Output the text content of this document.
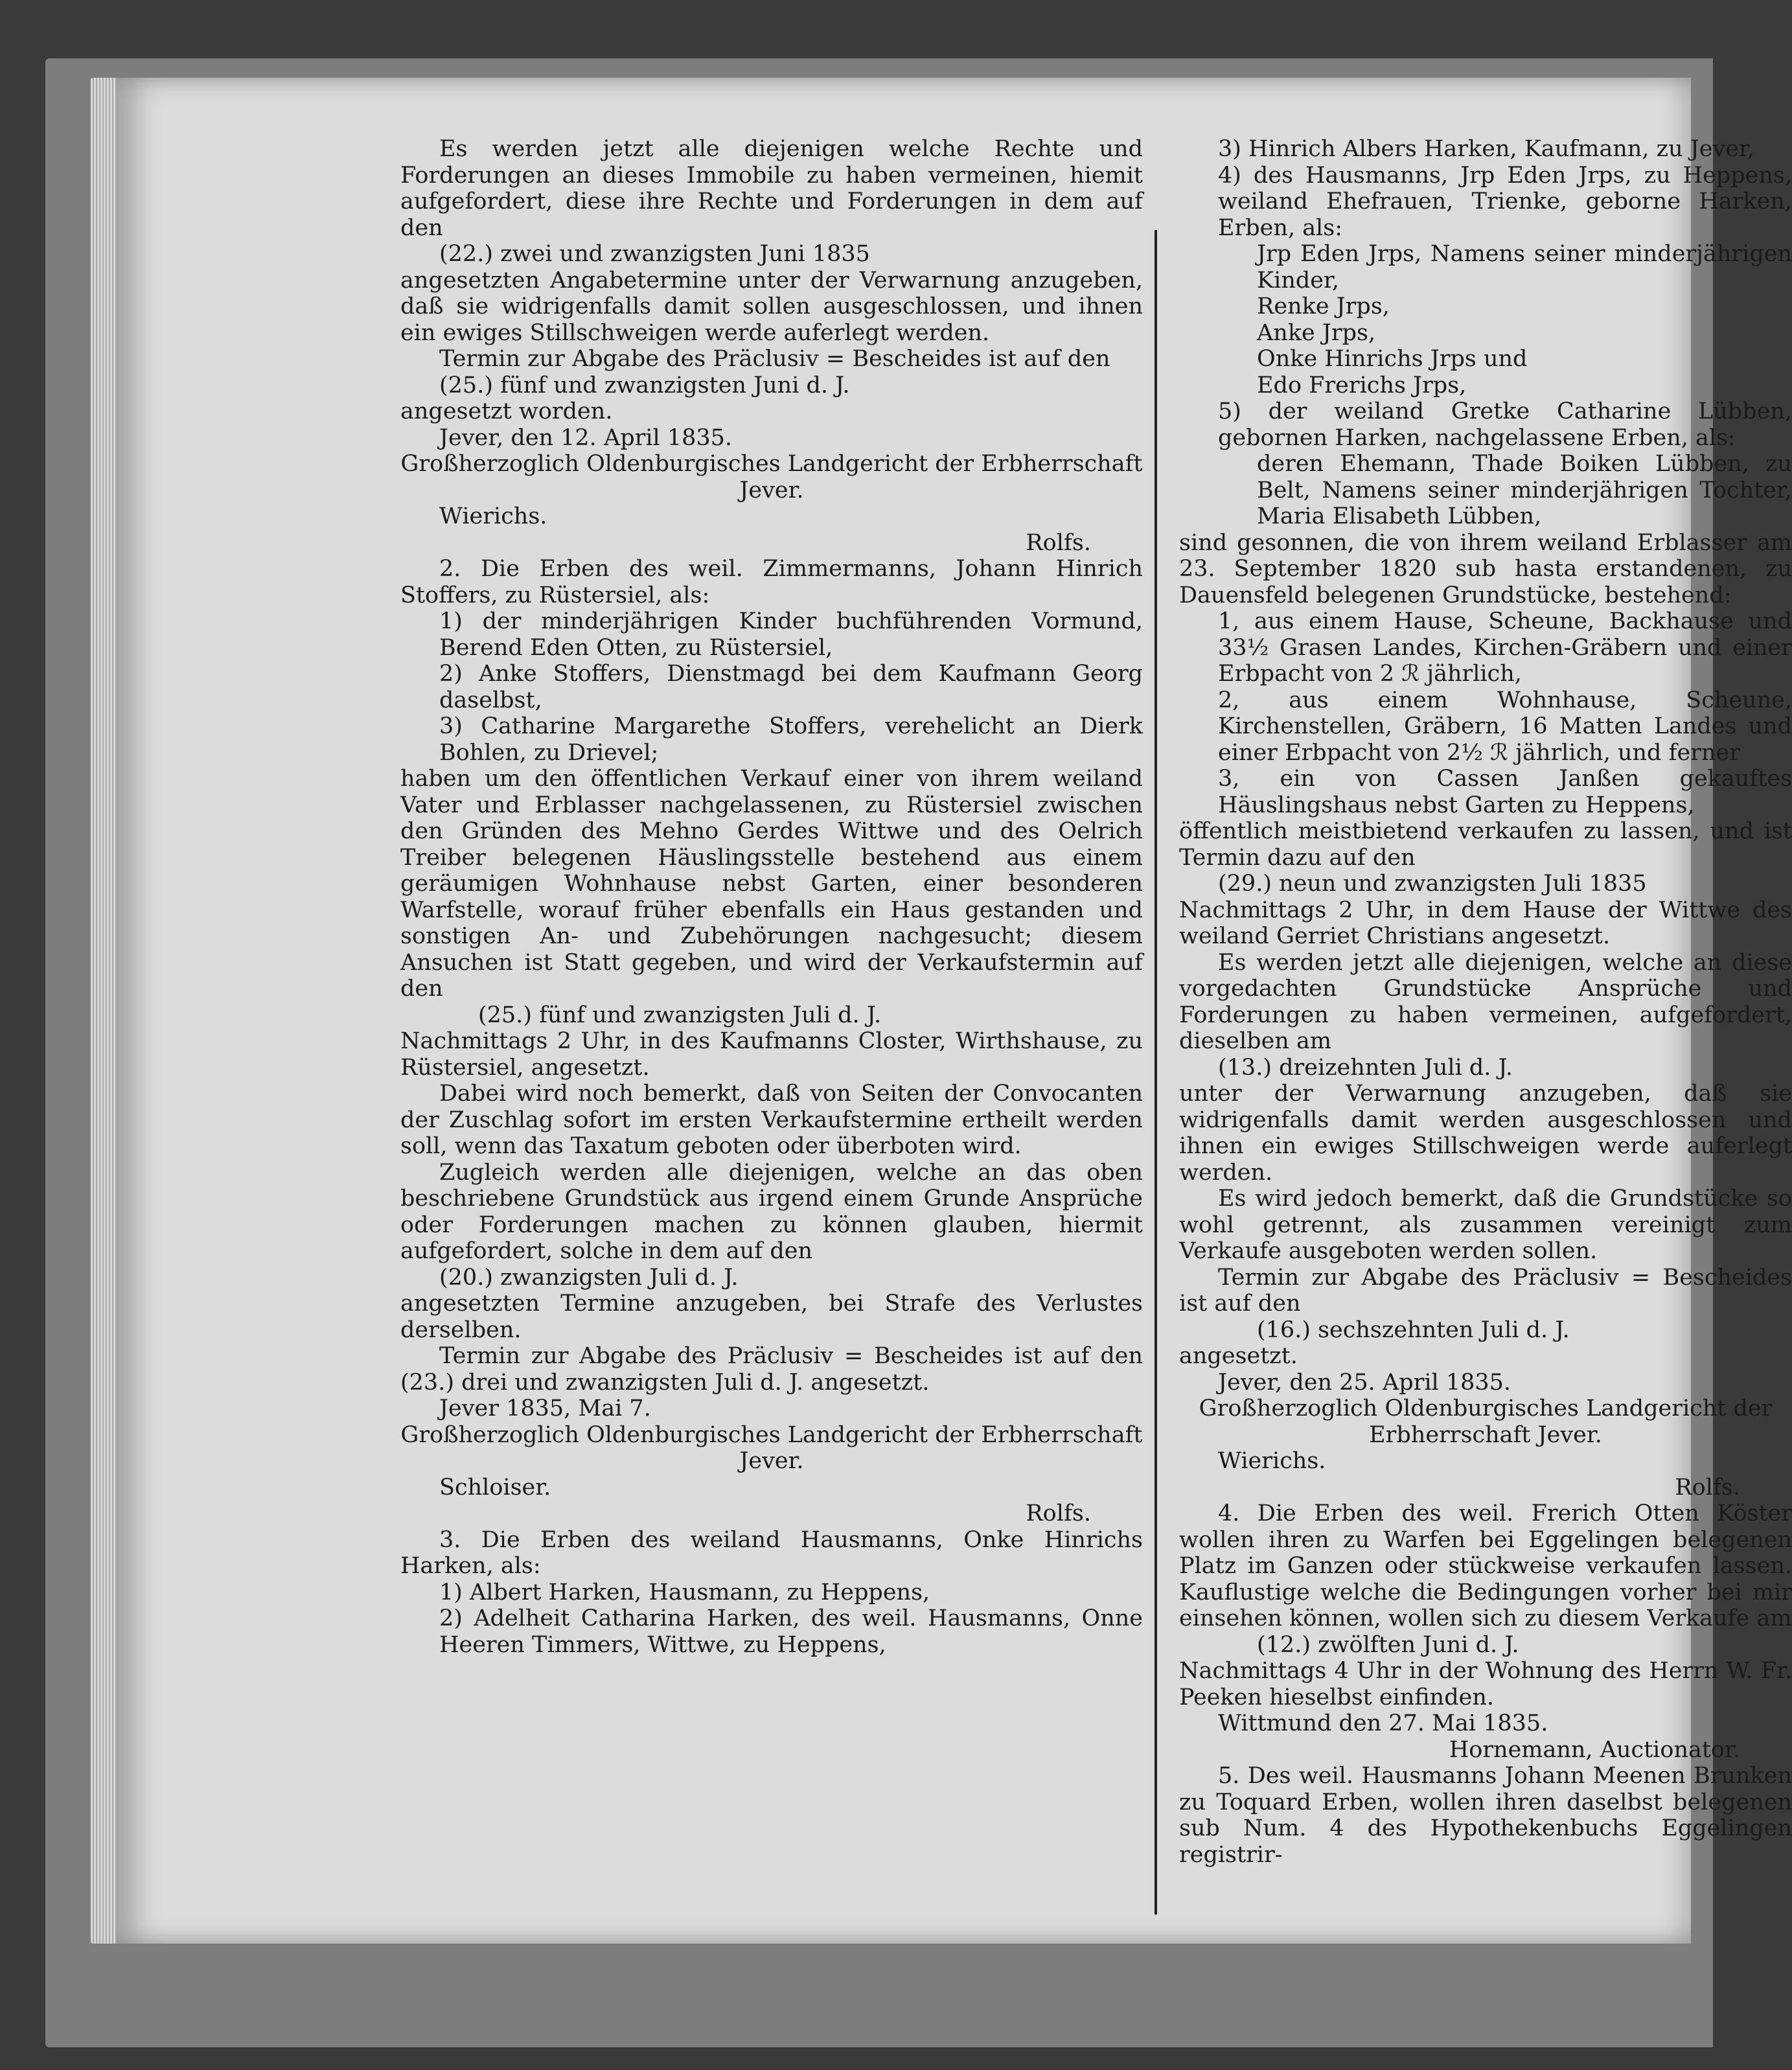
Es werden jetzt alle diejenigen welche Rechte und Forderungen an dieses Immobile zu haben vermeinen, hiemit aufgefordert, diese ihre Rechte und Forderungen in dem auf den

(22.) zwei und zwanzigsten Juni 1835

angesetzten Angabetermine unter der Verwarnung anzugeben, daß sie widrigenfalls damit sollen ausgeschlossen, und ihnen ein ewiges Stillschweigen werde auferlegt werden.

Termin zur Abgabe des Präclusiv = Bescheides ist auf den

(25.) fünf und zwanzigsten Juni d. J.

angesetzt worden.

Jever, den 12. April 1835.

Großherzoglich Oldenburgisches Landgericht der Erbherrschaft Jever.

Wierichs.

Rolfs.

2. Die Erben des weil. Zimmermanns, Johann Hinrich Stoffers, zu Rüstersiel, als:

1) der minderjährigen Kinder buchführenden Vormund, Berend Eden Otten, zu Rüstersiel,

2) Anke Stoffers, Dienstmagd bei dem Kaufmann Georg daselbst,

3) Catharine Margarethe Stoffers, verehelicht an Dierk Bohlen, zu Drievel;

haben um den öffentlichen Verkauf einer von ihrem weiland Vater und Erblasser nachgelassenen, zu Rüstersiel zwischen den Gründen des Mehno Gerdes Wittwe und des Oelrich Treiber belegenen Häuslingsstelle bestehend aus einem geräumigen Wohnhause nebst Garten, einer besonderen Warfstelle, worauf früher ebenfalls ein Haus gestanden und sonstigen An- und Zubehörungen nachgesucht; diesem Ansuchen ist Statt gegeben, und wird der Verkaufstermin auf den

(25.) fünf und zwanzigsten Juli d. J.

Nachmittags 2 Uhr, in des Kaufmanns Closter, Wirthshause, zu Rüstersiel, angesetzt.

Dabei wird noch bemerkt, daß von Seiten der Convocanten der Zuschlag sofort im ersten Verkaufstermine ertheilt werden soll, wenn das Taxatum geboten oder überboten wird.

Zugleich werden alle diejenigen, welche an das oben beschriebene Grundstück aus irgend einem Grunde Ansprüche oder Forderungen machen zu können glauben, hiermit aufgefordert, solche in dem auf den

(20.) zwanzigsten Juli d. J.

angesetzten Termine anzugeben, bei Strafe des Verlustes derselben.

Termin zur Abgabe des Präclusiv = Bescheides ist auf den (23.) drei und zwanzigsten Juli d. J. angesetzt.

Jever 1835, Mai 7.

Großherzoglich Oldenburgisches Landgericht der Erbherrschaft Jever.

Schloiser.

Rolfs.

3. Die Erben des weiland Hausmanns, Onke Hinrichs Harken, als:

1) Albert Harken, Hausmann, zu Heppens,

2) Adelheit Catharina Harken, des weil. Hausmanns, Onne Heeren Timmers, Wittwe, zu Heppens,

3) Hinrich Albers Harken, Kaufmann, zu Jever,

4) des Hausmanns, Jrp Eden Jrps, zu Heppens, weiland Ehefrauen, Trienke, geborne Harken, Erben, als:

Jrp Eden Jrps, Namens seiner minderjährigen Kinder,

Renke Jrps,

Anke Jrps,

Onke Hinrichs Jrps und

Edo Frerichs Jrps,

5) der weiland Gretke Catharine Lübben, gebornen Harken, nachgelassene Erben, als:

deren Ehemann, Thade Boiken Lübben, zu Belt, Namens seiner minderjährigen Tochter, Maria Elisabeth Lübben,

sind gesonnen, die von ihrem weiland Erblasser am 23. September 1820 sub hasta erstandenen, zu Dauensfeld belegenen Grundstücke, bestehend:

1, aus einem Hause, Scheune, Backhause und 33½ Grasen Landes, Kirchen-Gräbern und einer Erbpacht von 2 ℛ jährlich,

2, aus einem Wohnhause, Scheune, Kirchenstellen, Gräbern, 16 Matten Landes und einer Erbpacht von 2½ ℛ jährlich, und ferner

3, ein von Cassen Janßen gekauftes Häuslingshaus nebst Garten zu Heppens,

öffentlich meistbietend verkaufen zu lassen, und ist Termin dazu auf den

(29.) neun und zwanzigsten Juli 1835

Nachmittags 2 Uhr, in dem Hause der Wittwe des weiland Gerriet Christians angesetzt.

Es werden jetzt alle diejenigen, welche an diese vorgedachten Grundstücke Ansprüche und Forderungen zu haben vermeinen, aufgefordert, dieselben am

(13.) dreizehnten Juli d. J.

unter der Verwarnung anzugeben, daß sie widrigenfalls damit werden ausgeschlossen und ihnen ein ewiges Stillschweigen werde auferlegt werden.

Es wird jedoch bemerkt, daß die Grundstücke so wohl getrennt, als zusammen vereinigt zum Verkaufe ausgeboten werden sollen.

Termin zur Abgabe des Präclusiv = Bescheides ist auf den

(16.) sechszehnten Juli d. J.

angesetzt.

Jever, den 25. April 1835.

Großherzoglich Oldenburgisches Landgericht der Erbherrschaft Jever.

Wierichs.

Rolfs.

4. Die Erben des weil. Frerich Otten Köster wollen ihren zu Warfen bei Eggelingen belegenen Platz im Ganzen oder stückweise verkaufen lassen. Kauflustige welche die Bedingungen vorher bei mir einsehen können, wollen sich zu diesem Verkaufe am

(12.) zwölften Juni d. J.

Nachmittags 4 Uhr in der Wohnung des Herrn W. Fr. Peeken hieselbst einfinden.

Wittmund den 27. Mai 1835.

Hornemann, Auctionator.

5. Des weil. Hausmanns Johann Meenen Brunken zu Toquard Erben, wollen ihren daselbst belegenen sub Num. 4 des Hypothekenbuchs Eggelingen registrir-
